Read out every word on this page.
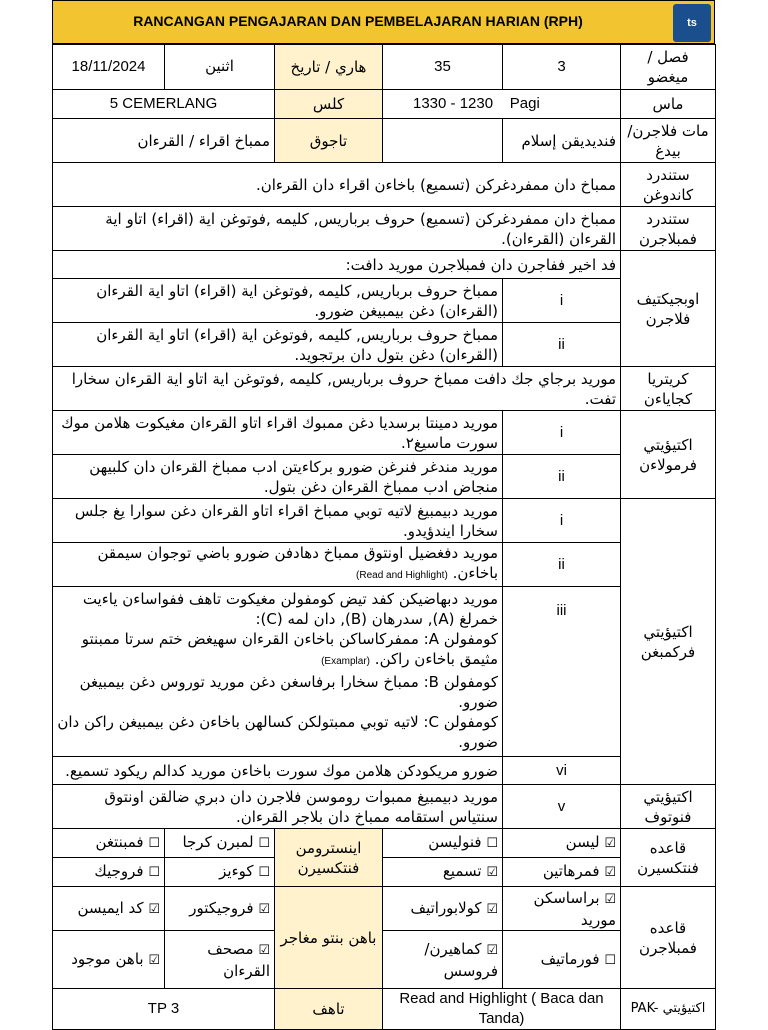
RANCANGAN PENGAJARAN DAN PEMBELAJARAN HARIAN (RPH)	ts
18/11/2024	اثنين	هاري / تاريخ	35	3	فصل / ميغضو
5 CEMERLANG		كلس	1330 - 1230 Pagi		ماس
ممباخ اقراء / القرءان		تاجوق		فنديديقن إسلام	مات فلاجرن/ بيدغ
ممباخ دان ممفردغركن (تسميع) باخاءن اقراء دان القرءان.					ستندرد كاندوغن
ممباخ دان ممفردغركن (تسميع) حروف برباريس, كليمه ,فوتوغن اية (اقراء) اتاو اية القرءان (القرءان).					ستندرد فمبلاجرن
فد اخير ففاجرن دان فمبلاجرن موريد دافت:					اوبجيكتيف فلاجرن
ممباخ حروف برباريس, كليمه ,فوتوغن اية (اقراء) اتاو اية القرءان (القرءان) دغن بيمبيغن ضورو.				i	
ممباخ حروف برباريس, كليمه ,فوتوغن اية (اقراء) اتاو اية القرءان (القرءان) دغن بتول دان برتجويد.				ii	
موريد برجاي جك دافت ممباخ حروف برباريس, كليمه ,فوتوغن اية اتاو اية القرءان سخارا تفت.					كريتريا كجاياءن
موريد دمينتا برسديا دغن ممبوك اقراء اتاو القرءان مغيكوت هلامن موك سورت ماسيغ٢.				i	اكتيؤيتي فرمولاءن
موريد مندغر فنرغن ضورو بركاءيتن ادب ممباخ القرءان دان كلبيهن منجاض ادب ممباخ القرءان دغن بتول.				ii	
موريد دبيمبيغ لاتيه توبي ممباخ اقراء اتاو القرءان دغن سوارا يغ جلس سخارا ايندؤيدو.				i	اكتيؤيتي فركمبغن
موريد دفغضيل اونتوق ممباخ دهادفن ضورو باضي توجوان سيمقن باخاءن. (Read and Highlight)				ii	

موريد دبهاضيكن كفد تيض كومفولن مغيكوت تاهف ففواساءن ياءيت خمرلغ (A), سدرهان (B), دان لمه (C):
كومفولن A: ممفركاساكن باخاءن القرءان سهيغض ختم سرتا ممبنتو مثيمق باخاءن راكن. (Examplar)
كومفولن B: ممباخ سخارا برفاسغن دغن موريد توروس دغن بيمبيغن ضورو.
كومفولن C: لاتيه توبي ممبتولكن كسالهن باخاءن دغن بيمبيغن راكن دان ضورو.				iii	
ضورو مريكودكن هلامن موك سورت باخاءن موريد كدالم ريكود تسميع.				vi	
موريد دبيمبيغ ممبوات روموسن فلاجرن دان دبري ضالقن اونتوق سنتياس استقامه ممباخ دان بلاجر القرءان.				v	اكتيؤيتي فنوتوف
☐ فمبنتغن	☐ لمبرن كرجا	اينسترومن فنتكسيرن	☐ فنوليسن	☑ ليسن	قاعده فنتكسيرن
☐ فروجيك	☐ كوءيز		☑ تسميع	☑ فمرهاتين	
☑ كد ايميسن	☑ فروجيكتور	باهن بنتو مغاجر	☑ كولابوراتيف	☑ براساسكن موريد	قاعده فمبلاجرن
☑ باهن موجود	☑ مصحف القرءان		☑ كماهيرن/فروسس	☐ فورماتيف	
TP 3		تاهف	Read and Highlight ( Baca dan Tanda)		PAK- اكتيؤيتي
